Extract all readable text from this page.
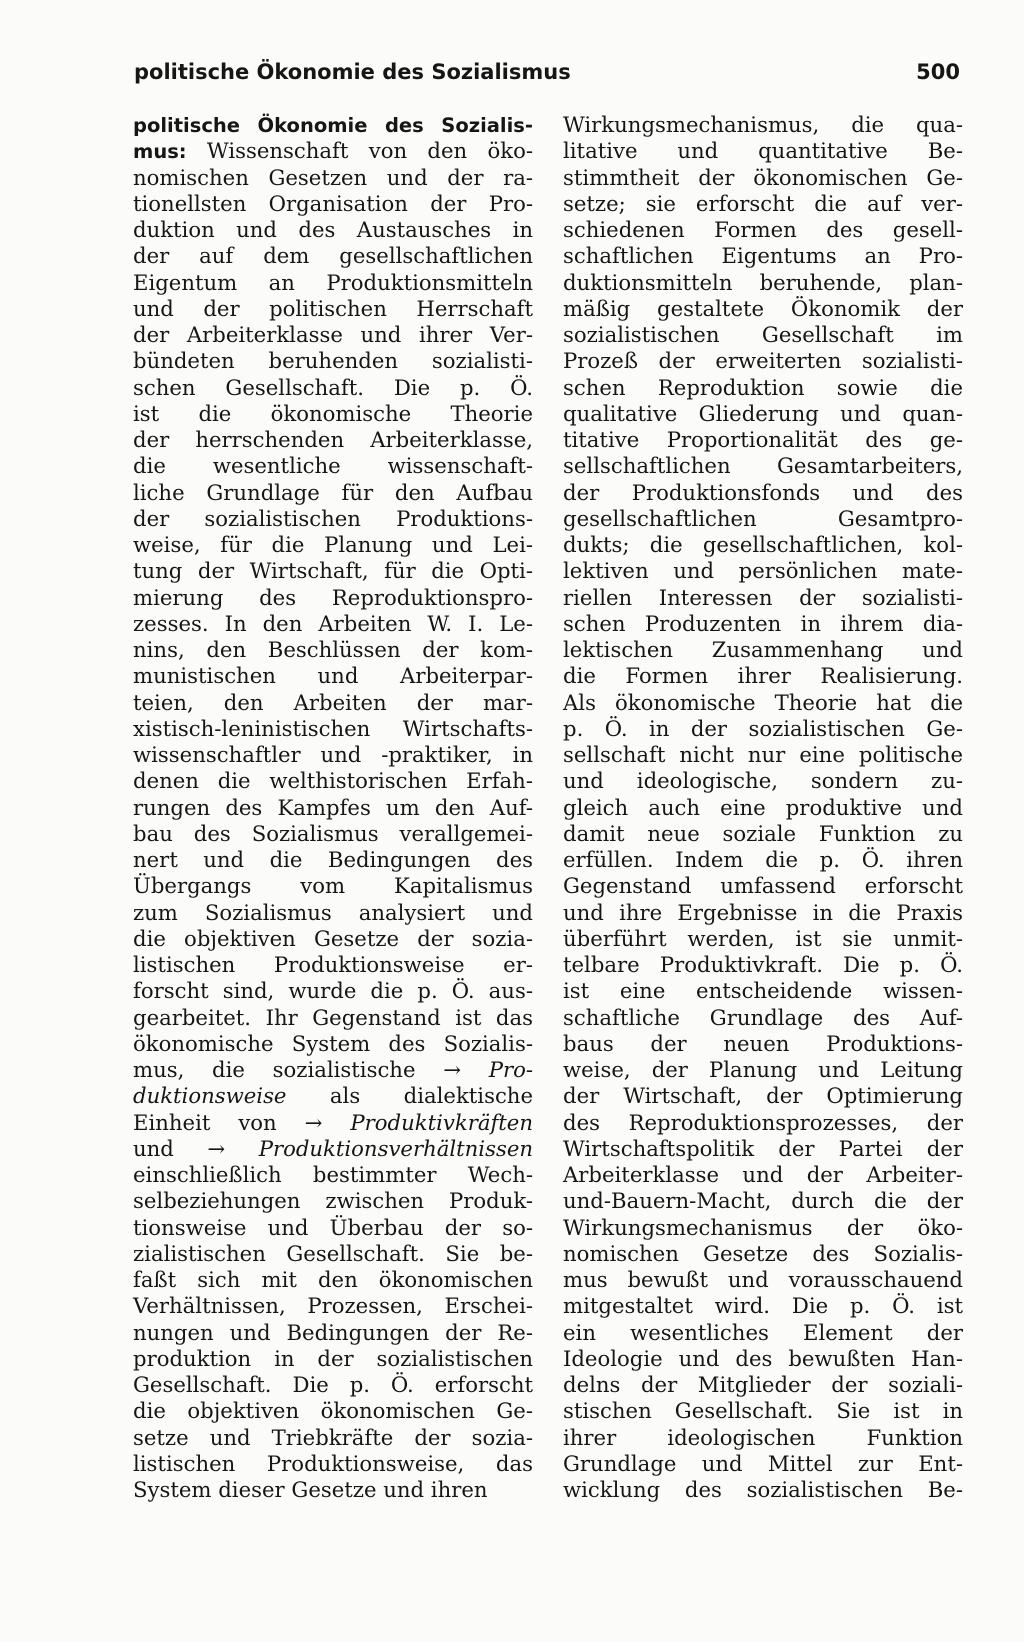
politische Ökonomie des Sozialismus	500
politische Ökonomie des Sozialis-
mus: Wissenschaft von den öko-
nomischen Gesetzen und der ra-
tionellsten Organisation der Pro-
duktion und des Austausches in
der auf dem gesellschaftlichen
Eigentum an Produktionsmitteln
und der politischen Herrschaft
der Arbeiterklasse und ihrer Ver-
bündeten beruhenden sozialisti-
schen Gesellschaft. Die p. Ö.
ist die ökonomische Theorie
der herrschenden Arbeiterklasse,
die wesentliche wissenschaft-
liche Grundlage für den Aufbau
der sozialistischen Produktions-
weise, für die Planung und Lei-
tung der Wirtschaft, für die Opti-
mierung des Reproduktionspro-
zesses. In den Arbeiten W. I. Le-
nins, den Beschlüssen der kom-
munistischen und Arbeiterpar-
teien, den Arbeiten der mar-
xistisch-leninistischen Wirtschafts-
wissenschaftler und -praktiker, in
denen die welthistorischen Erfah-
rungen des Kampfes um den Auf-
bau des Sozialismus verallgemei-
nert und die Bedingungen des
Übergangs vom Kapitalismus
zum Sozialismus analysiert und
die objektiven Gesetze der sozia-
listischen Produktionsweise er-
forscht sind, wurde die p. Ö. aus-
gearbeitet. Ihr Gegenstand ist das
ökonomische System des Sozialis-
mus, die sozialistische → Pro-
duktionsweise als dialektische
Einheit von → Produktivkräften
und → Produktionsverhältnissen
einschließlich bestimmter Wech-
selbeziehungen zwischen Produk-
tionsweise und Überbau der so-
zialistischen Gesellschaft. Sie be-
faßt sich mit den ökonomischen
Verhältnissen, Prozessen, Erschei-
nungen und Bedingungen der Re-
produktion in der sozialistischen
Gesellschaft. Die p. Ö. erforscht
die objektiven ökonomischen Ge-
setze und Triebkräfte der sozia-
listischen Produktionsweise, das
System dieser Gesetze und ihren
Wirkungsmechanismus, die qua-
litative und quantitative Be-
stimmtheit der ökonomischen Ge-
setze; sie erforscht die auf ver-
schiedenen Formen des gesell-
schaftlichen Eigentums an Pro-
duktionsmitteln beruhende, plan-
mäßig gestaltete Ökonomik der
sozialistischen Gesellschaft im
Prozeß der erweiterten sozialisti-
schen Reproduktion sowie die
qualitative Gliederung und quan-
titative Proportionalität des ge-
sellschaftlichen Gesamtarbeiters,
der Produktionsfonds und des
gesellschaftlichen Gesamtpro-
dukts; die gesellschaftlichen, kol-
lektiven und persönlichen mate-
riellen Interessen der sozialisti-
schen Produzenten in ihrem dia-
lektischen Zusammenhang und
die Formen ihrer Realisierung.
Als ökonomische Theorie hat die
p. Ö. in der sozialistischen Ge-
sellschaft nicht nur eine politische
und ideologische, sondern zu-
gleich auch eine produktive und
damit neue soziale Funktion zu
erfüllen. Indem die p. Ö. ihren
Gegenstand umfassend erforscht
und ihre Ergebnisse in die Praxis
überführt werden, ist sie unmit-
telbare Produktivkraft. Die p. Ö.
ist eine entscheidende wissen-
schaftliche Grundlage des Auf-
baus der neuen Produktions-
weise, der Planung und Leitung
der Wirtschaft, der Optimierung
des Reproduktionsprozesses, der
Wirtschaftspolitik der Partei der
Arbeiterklasse und der Arbeiter-
und-Bauern-Macht, durch die der
Wirkungsmechanismus der öko-
nomischen Gesetze des Sozialis-
mus bewußt und vorausschauend
mitgestaltet wird. Die p. Ö. ist
ein wesentliches Element der
Ideologie und des bewußten Han-
delns der Mitglieder der soziali-
stischen Gesellschaft. Sie ist in
ihrer ideologischen Funktion
Grundlage und Mittel zur Ent-
wicklung des sozialistischen Be-
